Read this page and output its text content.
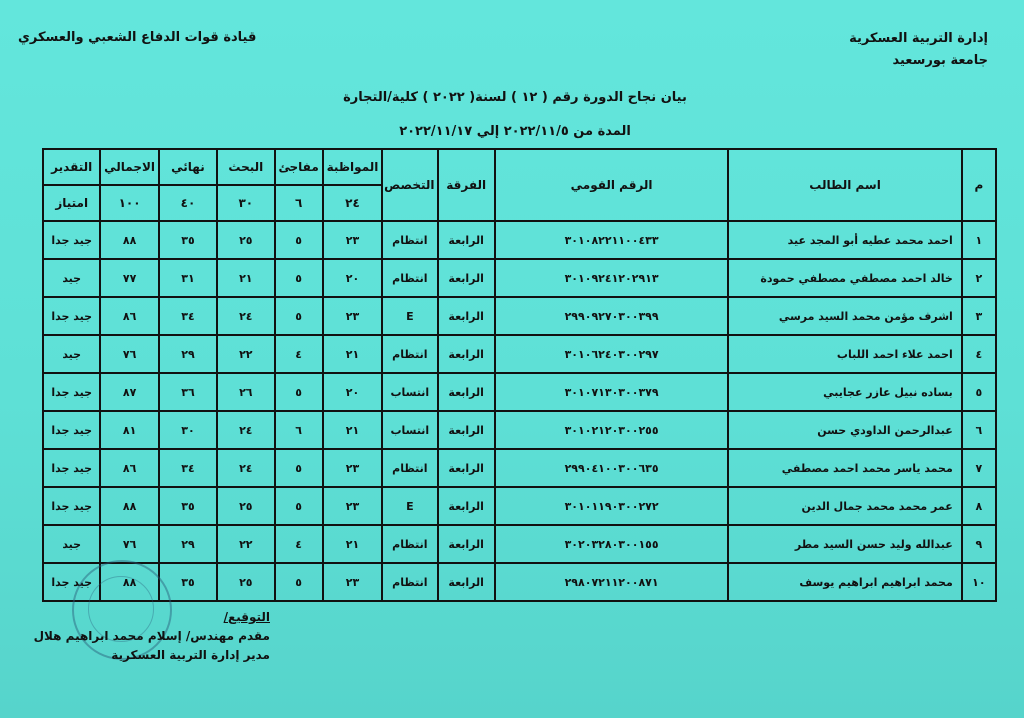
إدارة التربية العسكرية
جامعة بورسعيد
قيادة قوات الدفاع الشعبي والعسكري
بيان نجاح الدورة رقم ( ١٢ ) لسنة( ٢٠٢٢ ) كلية/التجارة
المدة من ٢٠٢٢/١١/٥ إلي ٢٠٢٢/١١/١٧
م	اسم الطالب	الرقم القومي	الفرقة	التخصص	المواظبة	مفاجئ	البحث	نهائي	الاجمالي	التقدير
					٢٤	٦	٣٠	٤٠	١٠٠	امتياز
١	احمد محمد عطيه أبو المجد عيد	٣٠١٠٨٢٢١١٠٠٤٣٣	الرابعة	انتظام	٢٣	٥	٢٥	٣٥	٨٨	جيد جدا
٢	خالد احمد مصطفي مصطفي حمودة	٣٠١٠٩٢٤١٢٠٢٩١٣	الرابعة	انتظام	٢٠	٥	٢١	٣١	٧٧	جيد
٣	اشرف مؤمن محمد السيد مرسي	٢٩٩٠٩٢٧٠٣٠٠٣٩٩	الرابعة	E	٢٣	٥	٢٤	٣٤	٨٦	جيد جدا
٤	احمد علاء احمد اللباب	٣٠١٠٦٢٤٠٣٠٠٢٩٧	الرابعة	انتظام	٢١	٤	٢٢	٢٩	٧٦	جيد
٥	بساده نبيل عازر عجايبي	٣٠١٠٧١٣٠٣٠٠٣٧٩	الرابعة	انتساب	٢٠	٥	٢٦	٣٦	٨٧	جيد جدا
٦	عبدالرحمن الداودي حسن	٣٠١٠٢١٢٠٣٠٠٢٥٥	الرابعة	انتساب	٢١	٦	٢٤	٣٠	٨١	جيد جدا
٧	محمد ياسر محمد احمد مصطفي	٢٩٩٠٤١٠٠٣٠٠٦٣٥	الرابعة	انتظام	٢٣	٥	٢٤	٣٤	٨٦	جيد جدا
٨	عمر محمد محمد جمال الدين	٣٠١٠١١٩٠٣٠٠٢٧٢	الرابعة	E	٢٣	٥	٢٥	٣٥	٨٨	جيد جدا
٩	عبدالله وليد حسن السيد مطر	٣٠٢٠٣٢٨٠٣٠٠١٥٥	الرابعة	انتظام	٢١	٤	٢٢	٢٩	٧٦	جيد
١٠	محمد ابراهيم ابراهيم يوسف	٢٩٨٠٧٢١١٢٠٠٨٧١	الرابعة	انتظام	٢٣	٥	٢٥	٣٥	٨٨	جيد جدا
التوقيع/
مقدم مهندس/ إسلام محمد ابراهيم هلال
مدير إدارة التربية العسكرية
